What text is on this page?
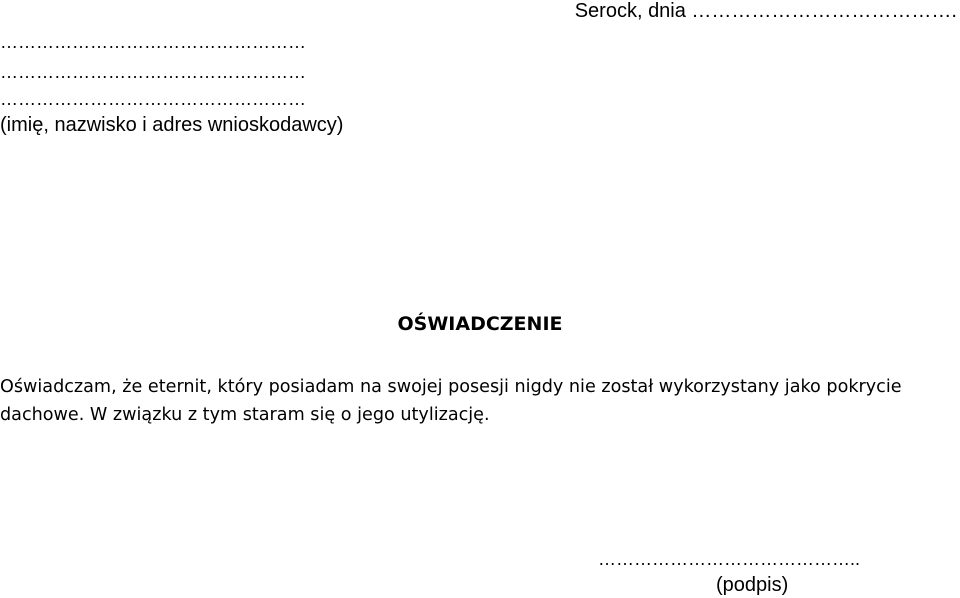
Serock, dnia ………………………………….
……………………………………………
……………………………………………
……………………………………………
(imię, nazwisko i adres wnioskodawcy)
OŚWIADCZENIE
Oświadczam, że eternit, który posiadam na swojej posesji nigdy nie został wykorzystany jako pokrycie
dachowe. W związku z tym staram się o jego utylizację.
……………………………………..
(podpis)
